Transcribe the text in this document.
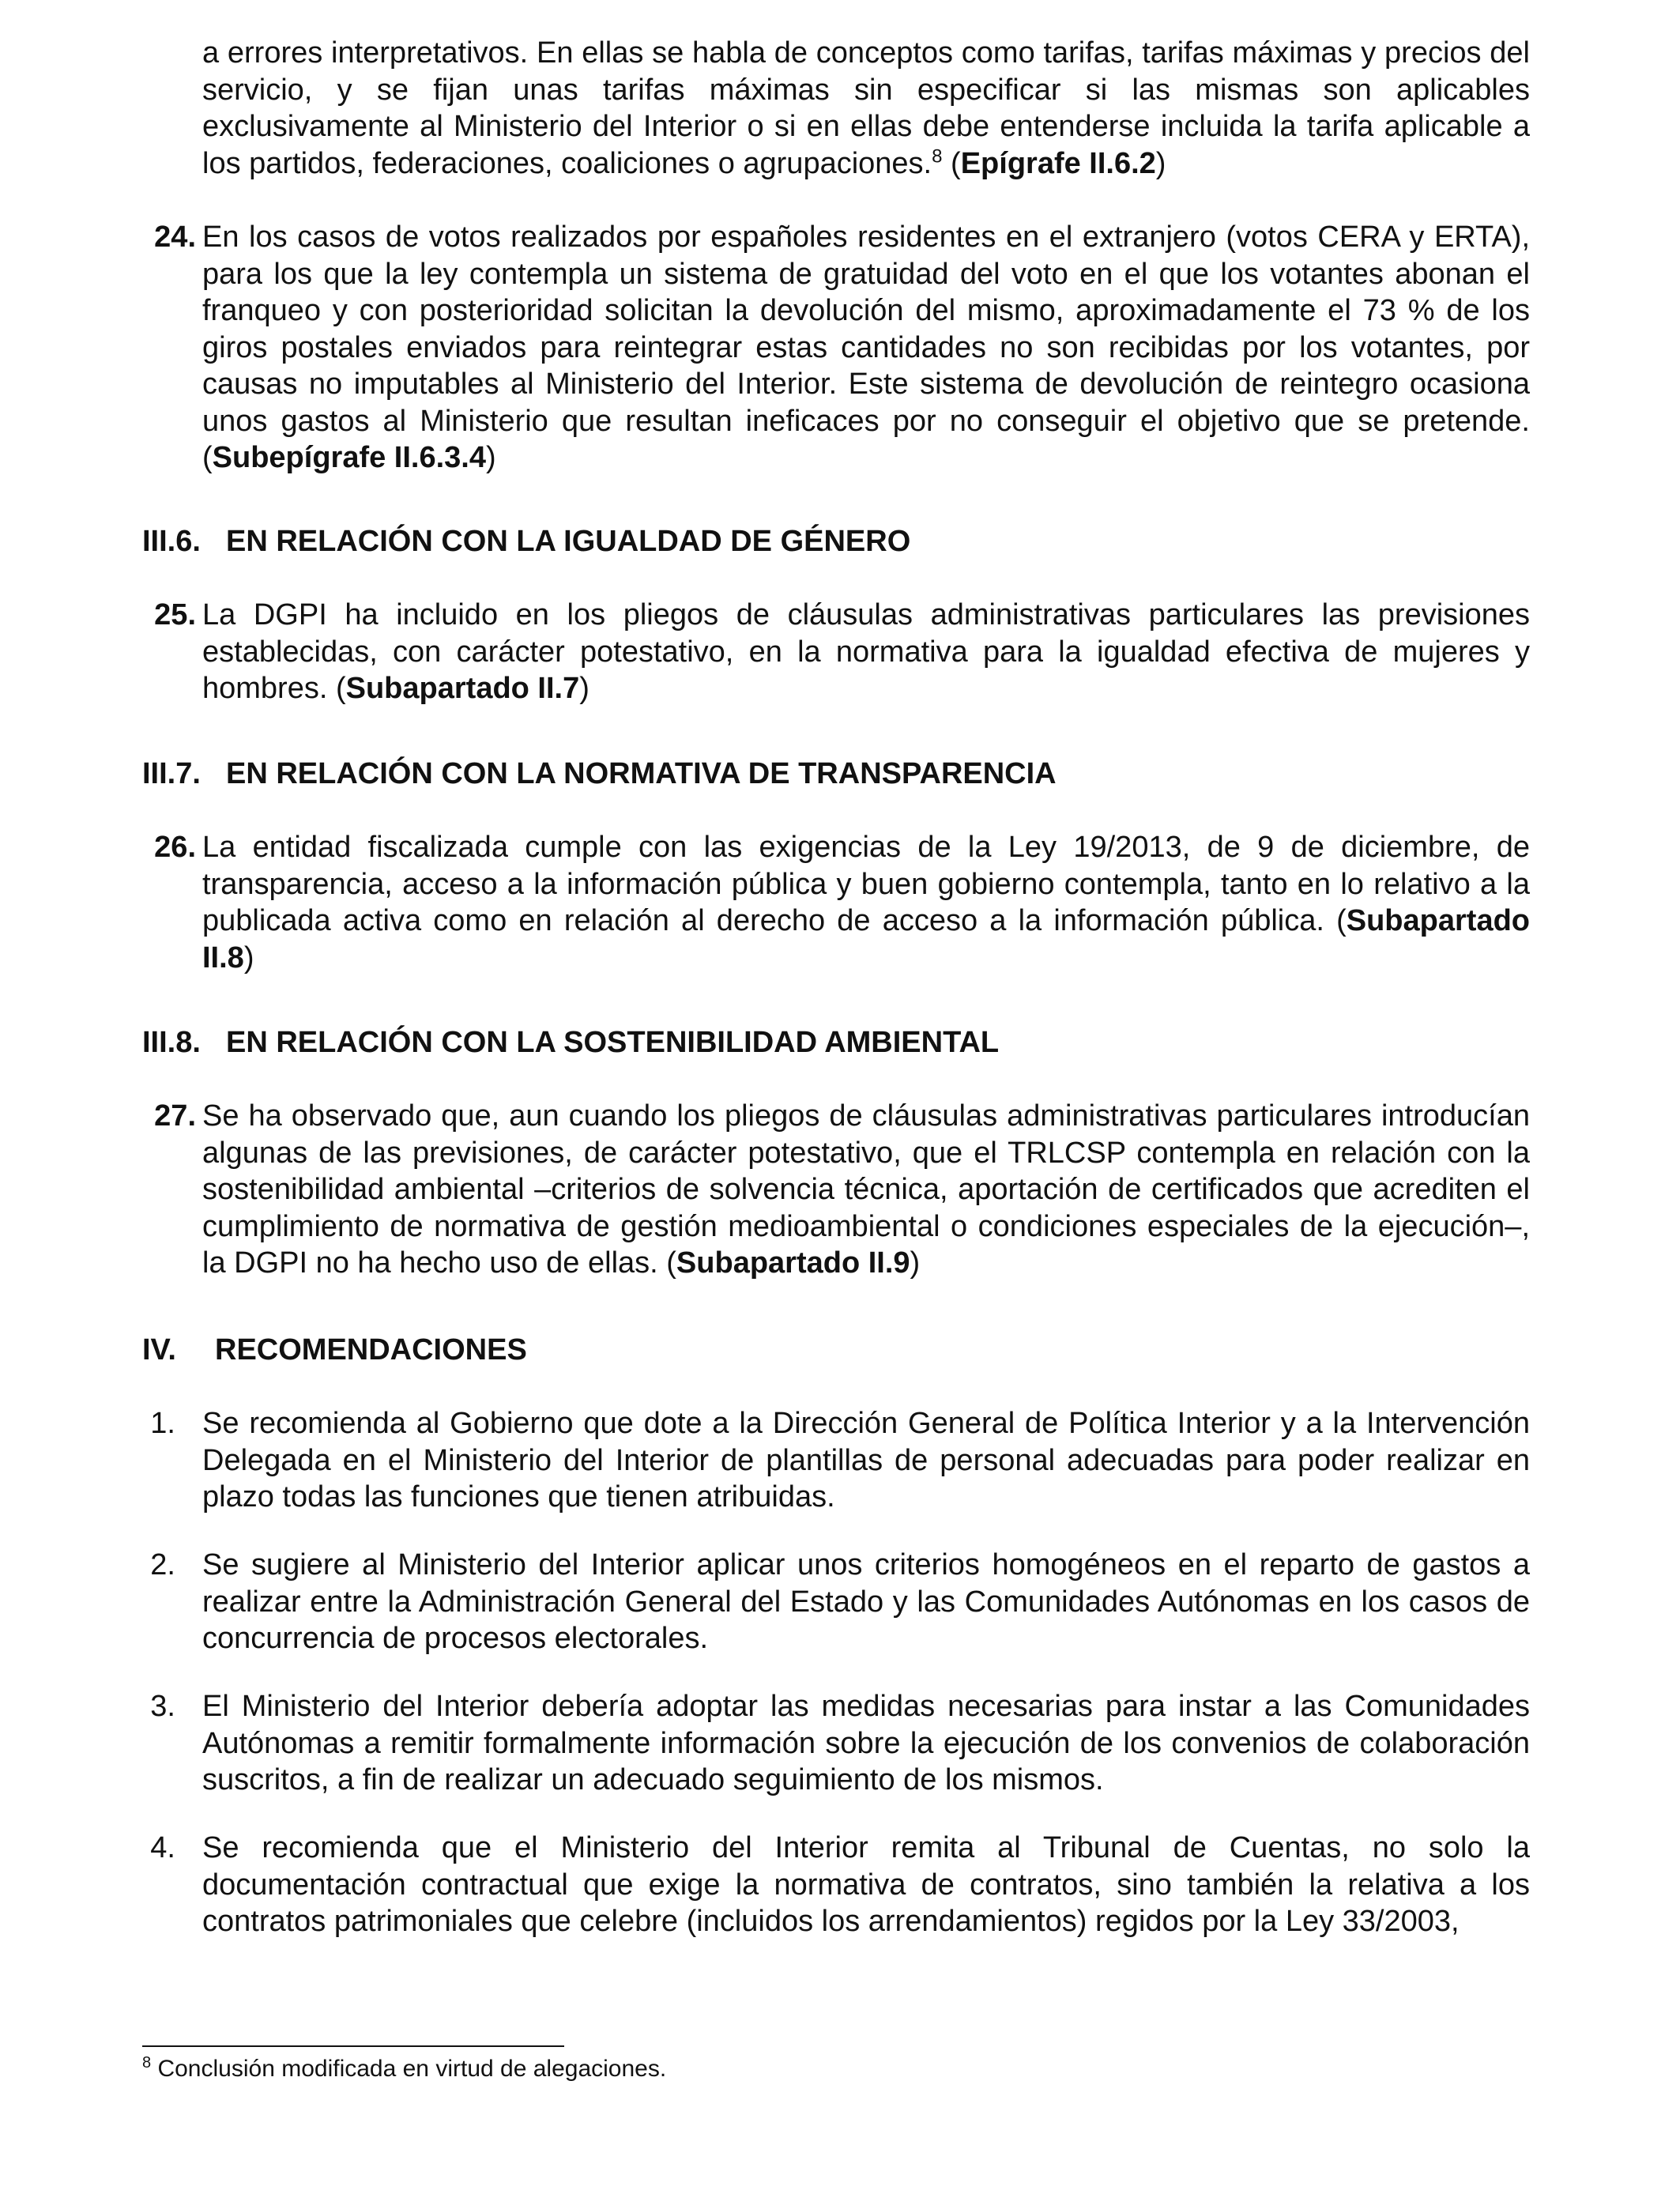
a errores interpretativos. En ellas se habla de conceptos como tarifas, tarifas máximas y precios del servicio, y se fijan unas tarifas máximas sin especificar si las mismas son aplicables exclusivamente al Ministerio del Interior o si en ellas debe entenderse incluida la tarifa aplicable a los partidos, federaciones, coaliciones o agrupaciones.$^8$ (Epígrafe II.6.2)

24. En los casos de votos realizados por españoles residentes en el extranjero (votos CERA y ERTA), para los que la ley contempla un sistema de gratuidad del voto en el que los votantes abonan el franqueo y con posterioridad solicitan la devolución del mismo, aproximadamente el 73 % de los giros postales enviados para reintegrar estas cantidades no son recibidas por los votantes, por causas no imputables al Ministerio del Interior. Este sistema de devolución de reintegro ocasiona unos gastos al Ministerio que resultan ineficaces por no conseguir el objetivo que se pretende. (Subepígrafe II.6.3.4)

III.6. EN RELACIÓN CON LA IGUALDAD DE GÉNERO
25. La DGPI ha incluido en los pliegos de cláusulas administrativas particulares las previsiones establecidas, con carácter potestativo, en la normativa para la igualdad efectiva de mujeres y hombres. (Subapartado II.7)

III.7. EN RELACIÓN CON LA NORMATIVA DE TRANSPARENCIA
26. La entidad fiscalizada cumple con las exigencias de la Ley 19/2013, de 9 de diciembre, de transparencia, acceso a la información pública y buen gobierno contempla, tanto en lo relativo a la publicada activa como en relación al derecho de acceso a la información pública. (Subapartado II.8)

III.8. EN RELACIÓN CON LA SOSTENIBILIDAD AMBIENTAL
27. Se ha observado que, aun cuando los pliegos de cláusulas administrativas particulares introducían algunas de las previsiones, de carácter potestativo, que el TRLCSP contempla en relación con la sostenibilidad ambiental –criterios de solvencia técnica, aportación de certificados que acrediten el cumplimiento de normativa de gestión medioambiental o condiciones especiales de la ejecución–, la DGPI no ha hecho uso de ellas. (Subapartado II.9)

IV. RECOMENDACIONES
1. Se recomienda al Gobierno que dote a la Dirección General de Política Interior y a la Intervención Delegada en el Ministerio del Interior de plantillas de personal adecuadas para poder realizar en plazo todas las funciones que tienen atribuidas.

2. Se sugiere al Ministerio del Interior aplicar unos criterios homogéneos en el reparto de gastos a realizar entre la Administración General del Estado y las Comunidades Autónomas en los casos de concurrencia de procesos electorales.

3. El Ministerio del Interior debería adoptar las medidas necesarias para instar a las Comunidades Autónomas a remitir formalmente información sobre la ejecución de los convenios de colaboración suscritos, a fin de realizar un adecuado seguimiento de los mismos.

4. Se recomienda que el Ministerio del Interior remita al Tribunal de Cuentas, no solo la documentación contractual que exige la normativa de contratos, sino también la relativa a los contratos patrimoniales que celebre (incluidos los arrendamientos) regidos por la Ley 33/2003,

$^8$ Conclusión modificada en virtud de alegaciones.
